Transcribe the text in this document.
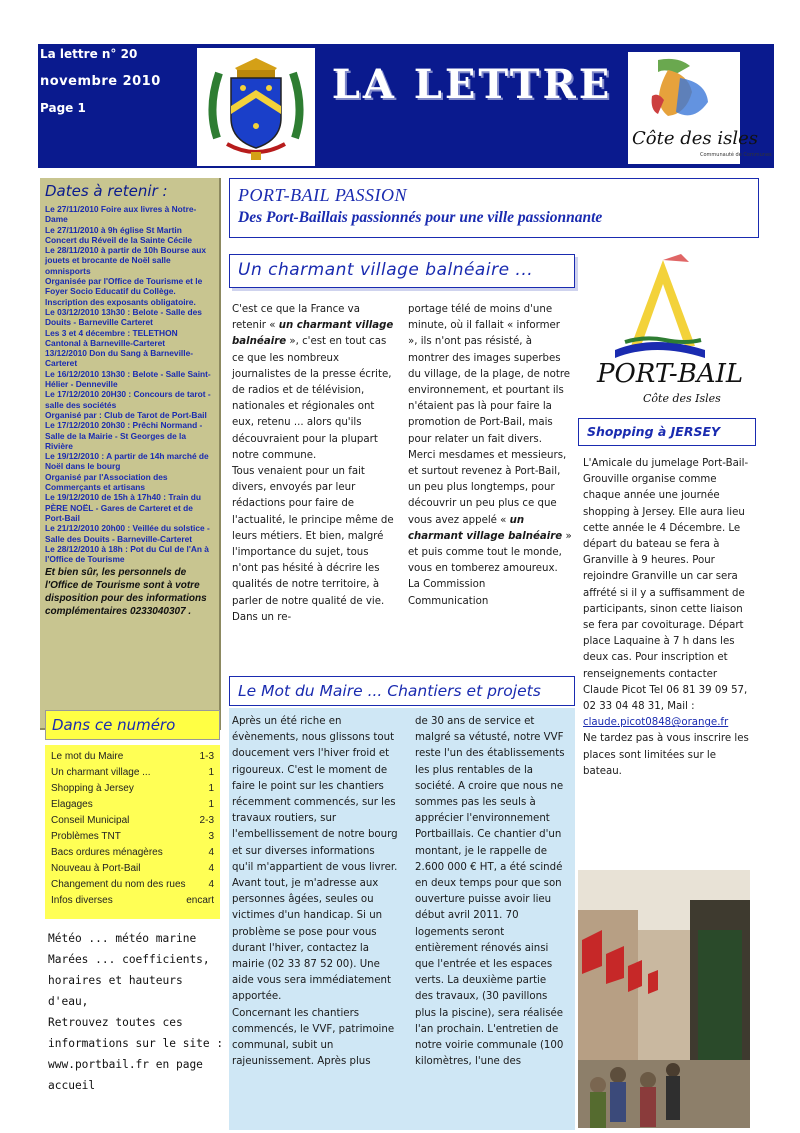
La lettre n° 20
novembre 2010
Page 1	LA LETTRE
Côte des isles
Communauté de Communes
Dates à retenir :
Le 27/11/2010 Foire aux livres à Notre-Dame
Le 27/11/2010 à 9h église St Martin Concert du Réveil de la Sainte Cécile
Le 28/11/2010 à partir de 10h Bourse aux jouets et brocante de Noël salle omnisports
Organisée par l'Office de Tourisme et le Foyer Socio Educatif du Collège. Inscription des exposants obligatoire.
Le 03/12/2010 13h30 : Belote - Salle des Douits - Barneville Carteret
Les 3 et 4 décembre : TELETHON Cantonal à Barneville-Carteret
13/12/2010 Don du Sang à Barneville-Carteret
Le 16/12/2010 13h30 : Belote - Salle Saint-Hélier - Denneville
Le 17/12/2010 20H30 : Concours de tarot - salle des sociétés
Organisé par : Club de Tarot de Port-Bail
Le 17/12/2010 20h30 : Prêchi Normand - Salle de la Mairie - St Georges de la Rivière
Le 19/12/2010 : A partir de 14h marché de Noël dans le bourg
Organisé par l'Association des Commerçants et artisans
Le 19/12/2010 de 15h à 17h40 : Train du PÈRE NOËL - Gares de Carteret et de Port-Bail
Le 21/12/2010 20h00 : Veillée du solstice - Salle des Douits - Barneville-Carteret
Le 28/12/2010 à 18h : Pot du Cul de l'An à l'Office de Tourisme
Et bien sûr, les personnels de l'Office de Tourisme sont à votre disposition pour des informations complémentaires 0233040307 .
Dans ce numéro
Le mot du Maire	1-3
Un charmant village ...	1
Shopping à Jersey	1
Elagages	1
Conseil Municipal	2-3
Problèmes TNT	3
Bacs ordures ménagères	4
Nouveau à Port-Bail	4
Changement du nom des rues 4
Infos diverses	encart
Météo ... météo marine
Marées ... coefficients, horaires et hauteurs d'eau,
Retrouvez toutes ces informations sur le site : www.portbail.fr en page accueil
PORT-BAIL PASSION
Des Port-Baillais passionnés pour une ville passionnante
Un charmant village balnéaire ...
C'est ce que la France va retenir « un charmant village balnéaire », c'est en tout cas ce que les nombreux journalistes de la presse écrite, de radios et de télévision, nationales et régionales ont eux, retenu ... alors qu'ils découvraient pour la plupart notre commune.
Tous venaient pour un fait divers, envoyés par leur rédactions pour faire de l'actualité, le principe même de leurs métiers. Et bien, malgré l'importance du sujet, tous n'ont pas hésité à décrire les qualités de notre territoire, à parler de notre qualité de vie. Dans un re-
portage télé de moins d'une minute, où il fallait « informer », ils n'ont pas résisté, à montrer des images superbes du village, de la plage, de notre environnement, et pourtant ils n'étaient pas là pour faire la promotion de Port-Bail, mais pour relater un fait divers. Merci mesdames et messieurs, et surtout revenez à Port-Bail, un peu plus longtemps, pour découvrir un peu plus ce que vous avez appelé « un charmant village balnéaire » et puis comme tout le monde, vous en tomberez amoureux.
La Commission
Communication
Le Mot du Maire ... Chantiers et projets
Après un été riche en évènements, nous glissons tout doucement vers l'hiver froid et rigoureux. C'est le moment de faire le point sur les chantiers récemment commencés, sur les travaux routiers, sur l'embellissement de notre bourg et sur diverses informations qu'il m'appartient de vous livrer.
Avant tout, je m'adresse aux personnes âgées, seules ou victimes d'un handicap. Si un problème se pose pour vous durant l'hiver, contactez la mairie (02 33 87 52 00). Une aide vous sera immédiatement apportée.
Concernant les chantiers commencés, le VVF, patrimoine communal, subit un rajeunissement. Après plus
de 30 ans de service et malgré sa vétusté, notre VVF reste l'un des établissements les plus rentables de la société. A croire que nous ne sommes pas les seuls à apprécier l'environnement Portbaillais. Ce chantier d'un montant, je le rappelle de 2.600 000 € HT, a été scindé en deux temps pour que son ouverture puisse avoir lieu début avril 2011. 70 logements seront entièrement rénovés ainsi que l'entrée et les espaces verts. La deuxième partie des travaux, (30 pavillons plus la piscine), sera réalisée l'an prochain. L'entretien de notre voirie communale (100 kilomètres, l'une des
PORT-BAIL
Côte des Isles
Shopping à JERSEY
L'Amicale du jumelage Port-Bail-Grouville organise comme chaque année une journée shopping à Jersey. Elle aura lieu cette année le 4 Décembre. Le départ du bateau se fera à Granville à 9 heures. Pour rejoindre Granville un car sera affrété si il y a suffisamment de participants, sinon cette liaison se fera par covoiturage. Départ place Laquaine à 7 h dans les deux cas. Pour inscription et renseignements contacter Claude Picot Tel 06 81 39 09 57, 02 33 04 48 31, Mail :
claude.picot0848@orange.fr
Ne tardez pas à vous inscrire les places sont limitées sur le bateau.
